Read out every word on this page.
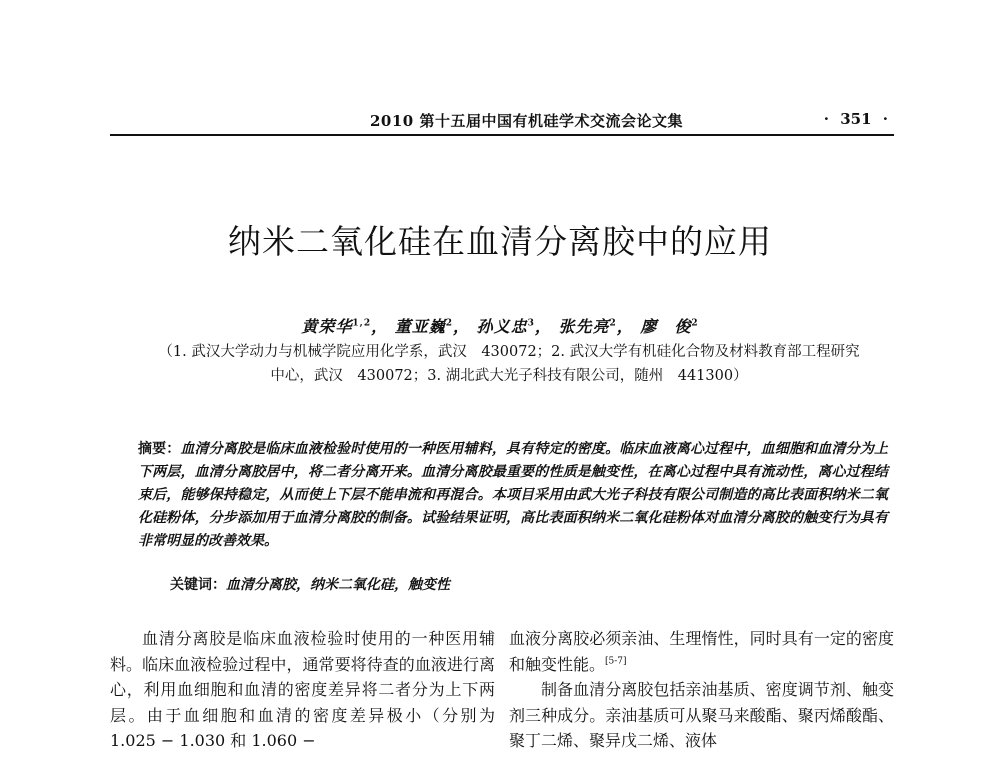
2010 第十五届中国有机硅学术交流会论文集	· 351 ·
纳米二氧化硅在血清分离胶中的应用
黄荣华$^{1,2}$， 董亚巍$^2$， 孙义忠$^3$， 张先亮$^2$， 廖　俊$^2$
（1. 武汉大学动力与机械学院应用化学系，武汉　430072；2. 武汉大学有机硅化合物及材料教育部工程研究
中心，武汉　430072；3. 湖北武大光子科技有限公司，随州　441300）
摘要：血清分离胶是临床血液检验时使用的一种医用辅料，具有特定的密度。临床血液离心过程中，血细胞和血清分为上下两层，血清分离胶居中，将二者分离开来。血清分离胶最重要的性质是触变性，在离心过程中具有流动性，离心过程结束后，能够保持稳定，从而使上下层不能串流和再混合。本项目采用由武大光子科技有限公司制造的高比表面积纳米二氧化硅粉体，分步添加用于血清分离胶的制备。试验结果证明，高比表面积纳米二氧化硅粉体对血清分离胶的触变行为具有非常明显的改善效果。
关键词：血清分离胶，纳米二氧化硅，触变性

血清分离胶是临床血液检验时使用的一种医用辅料。临床血液检验过程中，通常要将待查的血液进行离心，利用血细胞和血清的密度差异将二者分为上下两层。由于血细胞和血清的密度差异极小（分别为 1.025 − 1.030 和 1.060 −

血液分离胶必须亲油、生理惰性，同时具有一定的密度和触变性能。[5-7]

制备血清分离胶包括亲油基质、密度调节剂、触变剂三种成分。亲油基质可从聚马来酸酯、聚丙烯酸酯、聚丁二烯、聚异戊二烯、液体
